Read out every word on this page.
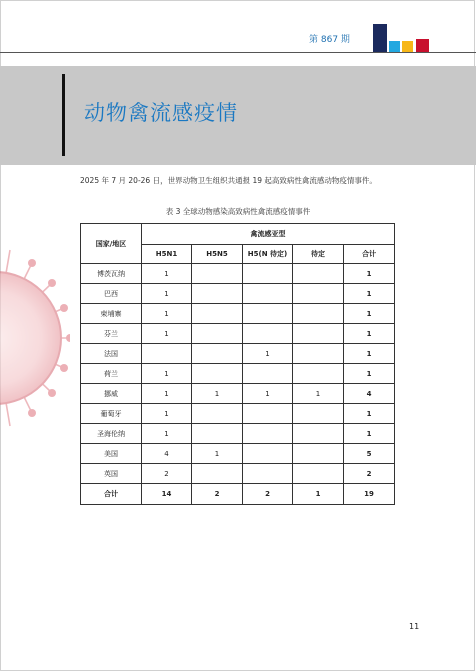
第 867 期
动物禽流感疫情
2025 年 7 月 20-26 日，世界动物卫生组织共通报 19 起高致病性禽流感动物疫情事件。
表 3 全球动物感染高致病性禽流感疫情事件
国家/地区	禽流感亚型				
	H5N1	H5N5	H5(N 待定)	待定	合计
博茨瓦纳	1				1
巴西	1				1
柬埔寨	1				1
芬兰	1				1
法国			1		1
荷兰	1				1
挪威	1	1	1	1	4
葡萄牙	1				1
圣海伦纳	1				1
美国	4	1			5
英国	2				2
合计	14	2	2	1	19
11
